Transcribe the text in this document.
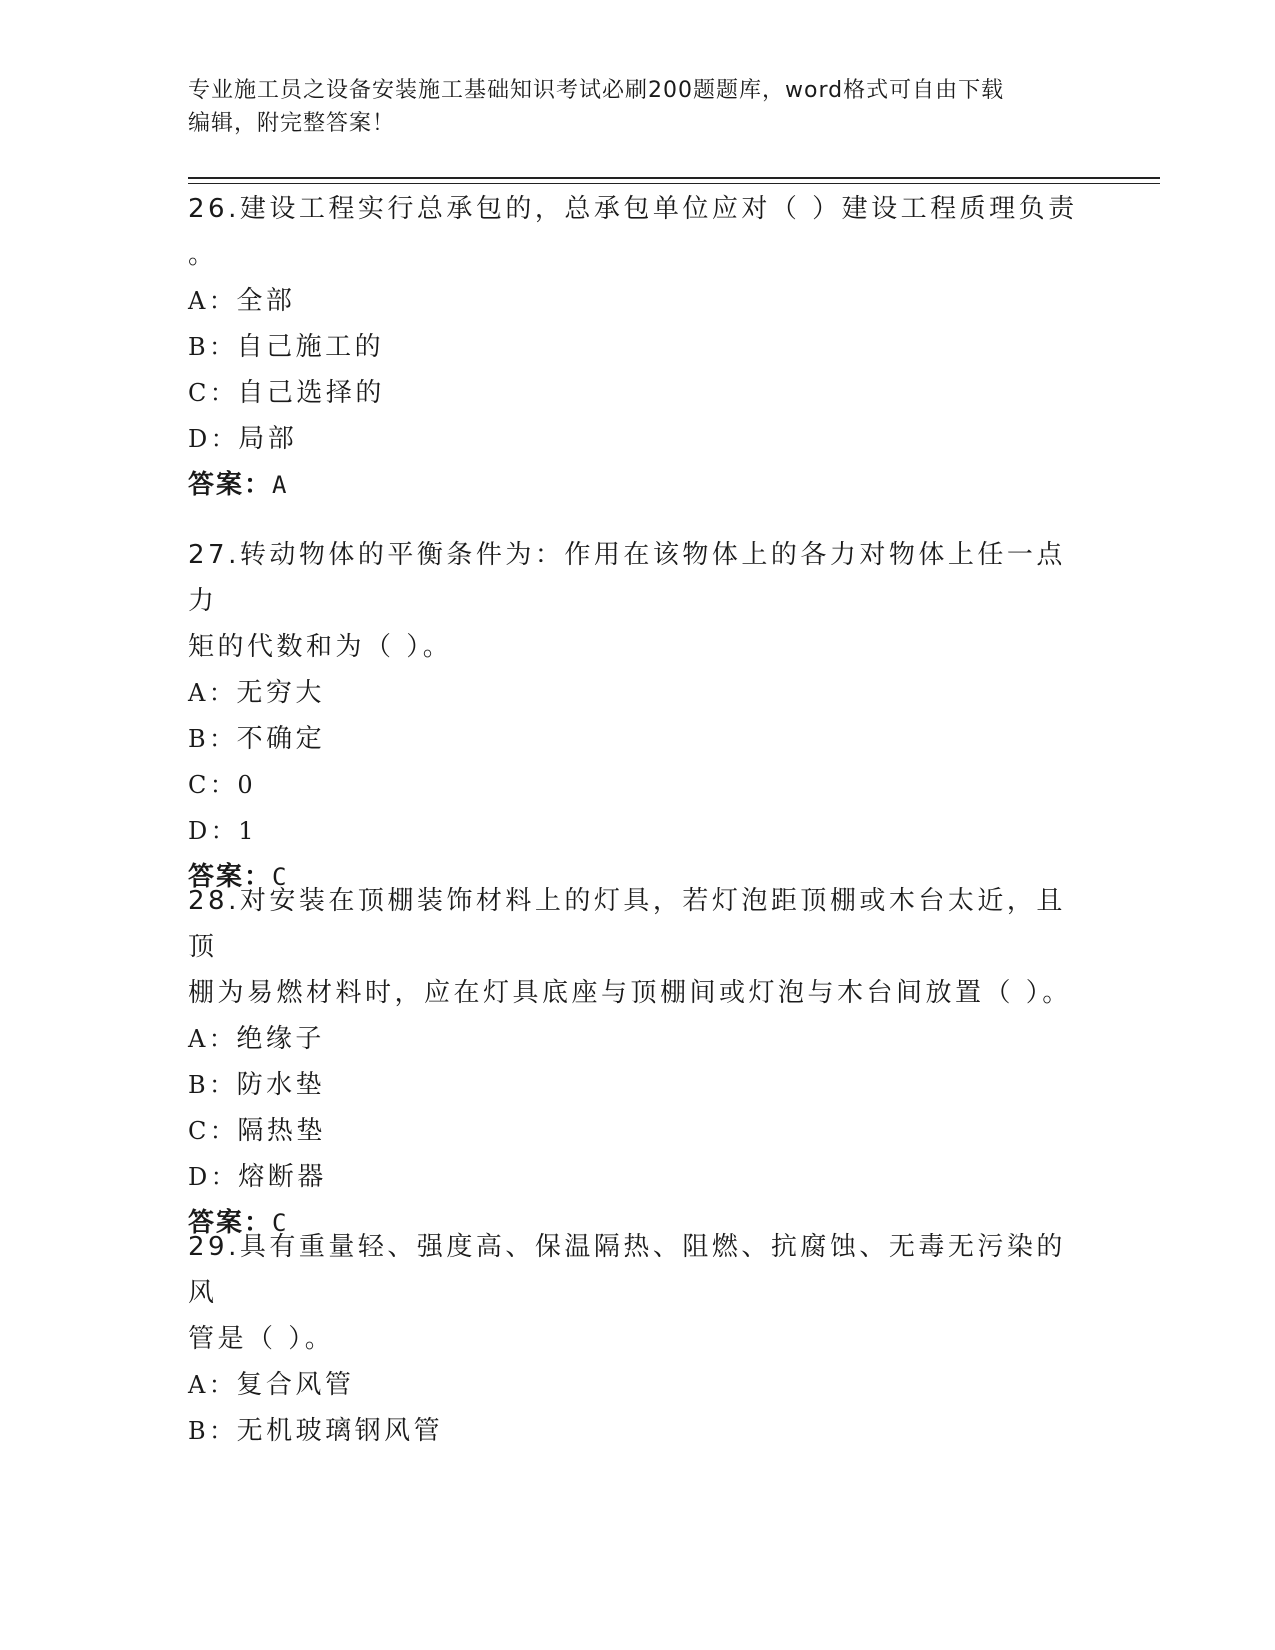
专业施工员之设备安装施工基础知识考试必刷200题题库，word格式可自由下载
编辑，附完整答案！

26.建设工程实行总承包的，总承包单位应对（ ）建设工程质理负责

。

A：全部

B：自己施工的

C：自己选择的

D：局部

答案：A

27.转动物体的平衡条件为：作用在该物体上的各力对物体上任一点力

矩的代数和为（ ）。

A：无穷大

B：不确定

C：0

D：1

答案：C

28.对安装在顶棚装饰材料上的灯具，若灯泡距顶棚或木台太近，且顶

棚为易燃材料时，应在灯具底座与顶棚间或灯泡与木台间放置（ ）。

A：绝缘子

B：防水垫

C：隔热垫

D：熔断器

答案：C

29.具有重量轻、强度高、保温隔热、阻燃、抗腐蚀、无毒无污染的风

管是（ ）。

A：复合风管

B：无机玻璃钢风管
